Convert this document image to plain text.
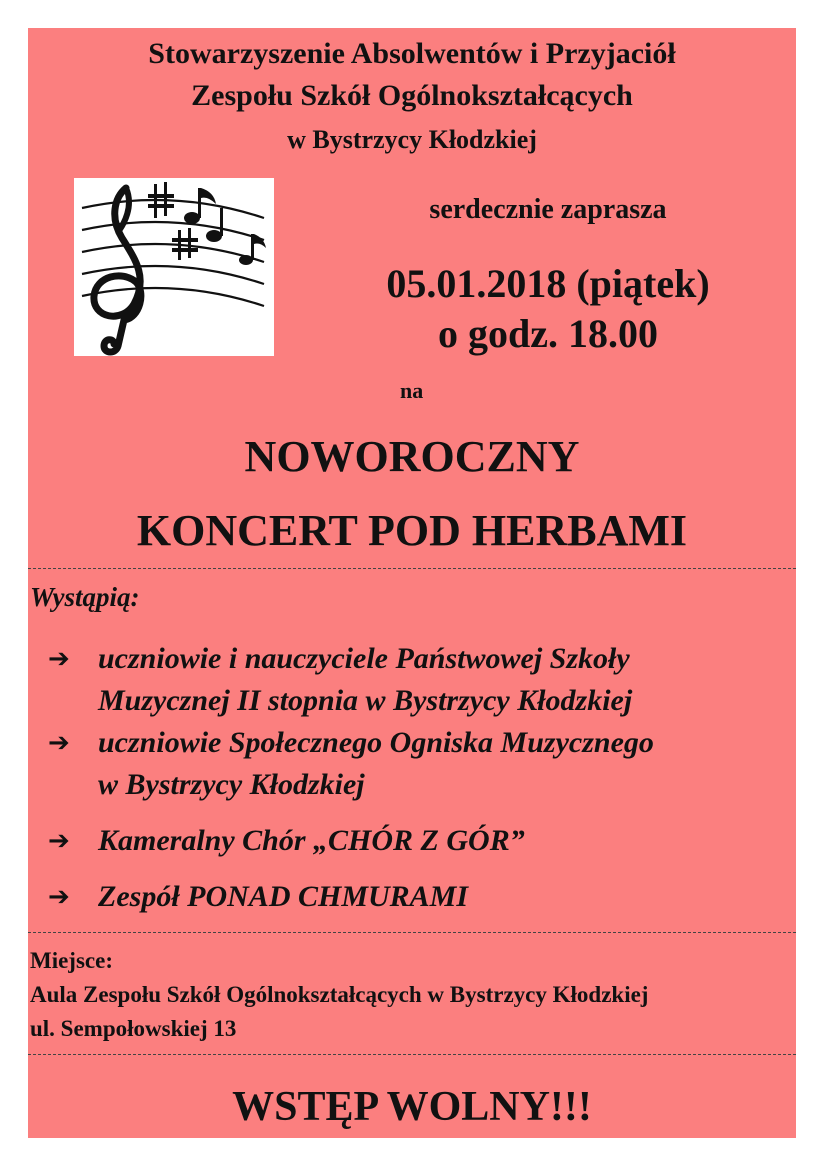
Stowarzyszenie Absolwentów i Przyjaciół
Zespołu Szkół Ogólnokształcących
w Bystrzycy Kłodzkiej
serdecznie zaprasza
05.01.2018 (piątek)
o godz. 18.00
na
NOWOROCZNY
KONCERT POD HERBAMI
Wystąpią:
➔ uczniowie i nauczyciele Państwowej Szkoły
Muzycznej II stopnia w Bystrzycy Kłodzkiej
➔ uczniowie Społecznego Ogniska Muzycznego
w Bystrzycy Kłodzkiej
➔ Kameralny Chór „CHÓR Z GÓR”
➔ Zespół PONAD CHMURAMI
Miejsce:
Aula Zespołu Szkół Ogólnokształcących w Bystrzycy Kłodzkiej
ul. Sempołowskiej 13
WSTĘP WOLNY!!!
